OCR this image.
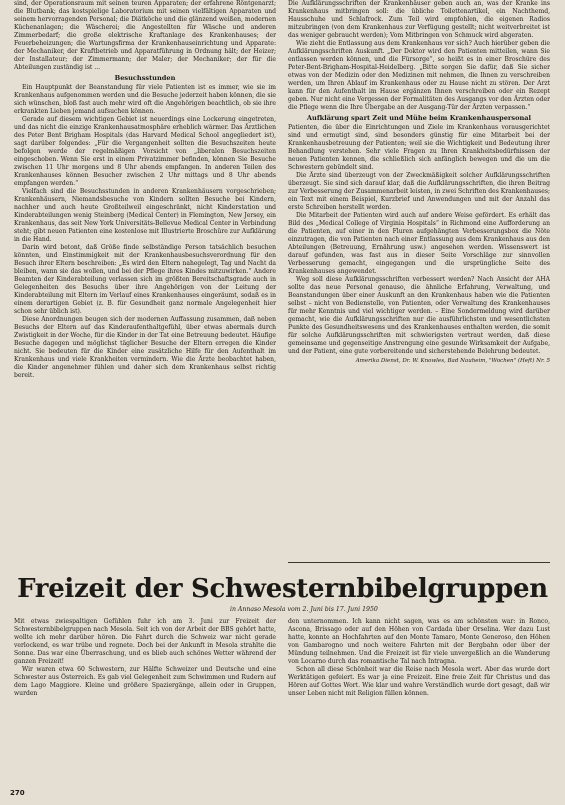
sind, der Operationsraum mit seinen teuren Apparaten; der erfahrene Röntgenarzt; die Blutbank; das kostspielige Laboratorium mit seinen vielfältigen Apparaten und seinem hervorragenden Personal; die Diätköche und die glänzend weißen, modernen Küchenanlagen; die Wäscherei; die Angestellten für Wäsche und anderen Zimmerbedarf; die große elektrische Kraftanlage des Krankenhauses; der Feuerbeheizungen; die Wartungsfirma der Krankenhauseinrichtung und Apparate: der Mechaniker, der Kraftbetrieb und Apparatführung in Ordnung hält; der Heizer; der Installateur; der Zimmermann; der Maler; der Mechaniker; der für die Abteilungen zuständig ist ...

Besuchsstunden

Ein Hauptpunkt der Beanstandung für viele Patienten ist es immer, wie sie im Krankenhaus aufgenommen werden und die Besuche jederzeit haben können, die sie sich wünschen, bloß fast auch mehr wird oft die Angehörigen beachtlich, ob sie ihre erkrankten Lieben jemand aufsuchen können.

Gerade auf diesem wichtigen Gebiet ist neuerdings eine Lockerung eingetreten, und das nicht die einzige Krankenhausatmosphäre erheblich wärmer. Das Ärztlichen des Peter Bent Brigham Hospitals (das Harvard Medical School angegliedert ist), sagt darüber folgendes: „Für die Vergangenheit sollten die Besuchszeiten heute befolgen werde der regelmäßigen Vorsicht von „liberalen Besuchszeiten eingeschoben. Wenn Sie erst in einem Privatzimmer befinden, können Sie Besuche zwischen 11 Uhr morgens und 8 Uhr abends empfangen. In anderen Teilen des Krankenhauses können Besucher zwischen 2 Uhr mittags und 8 Uhr abends empfangen werden.“

Vielfach sind die Besuchsstunden in anderen Krankenhäusern vorgeschrieben; Krankenhäusern, Niemandsbesuche von Kindern sollten Besuche bei Kindern, nachher und auch heute Großteilweil eingeschränkt, nicht Kinderstation und Kinderabteilungen wenig Steinberg (Medical Center) in Flemington, New Jersey, ein Krankenhaus, das seit New York Universitäts-Bellevue Medical Center in Verbindung steht; gibt neuen Patienten eine kostenlose mit Illustrierte Broschüre zur Aufklärung in die Hand.

Darin wird betont, daß Größe finde selbständige Person tatsächlich besuchen könnten, und Einstimmigkeit mit der Krankenhausbesuchsverordnung für den Besuch ihrer Eltern beschreiben: „Es wird den Eltern nahegelegt, Tag und Nacht da bleiben, wann sie das wollen, und bei der Pflege ihres Kindes mitzuwirken.“ Andere Beamten der Kinderabteilung verlassen sich im größten Bereitschaftsgrade auch in Gelegenheiten des Besuchs über ihre Angehörigen von der Leitung der Kinderabteilung mit Eltern im Verlauf eines Krankenhauses eingeräumt, sodaß es in einem derartigen Gebiet (z. B. für Gesundheit ganz normale Angelegenheit hier schon sehr üblich ist).

Diese Anordnungen beugen sich der modernen Auffassung zusammen, daß neben Besuchs der Eltern auf das Kinderaufenthaltgefühl, über etwas abermals durch Zwistigkeit in der Woche, für die Kinder in der Tat eine Betreuung bedeutet. Häufige Besuche dagegen und möglichst täglicher Besuche der Eltern erregen die Kinder nicht. Sie bedeuten für die Kinder eine zusätzliche Hilfe für den Aufenthalt im Krankenhaus und viele Krankheiten vermindern. Wie die Ärzte beobachtet haben, die Kinder angenehmer fühlen und daher sich dem Krankenhaus selbst richtig bereit.

Die Aufklärungsschriften der Krankenhäuser geben auch an, was der Kranke ins Krankenhaus mitbringen soll: die übliche Toilettenartikel, ein Nachthemd, Hausschuhe und Schlafrock. Zum Teil wird empfohlen, die eigenen Radios mitzubringen (von dem Krankenhaus zur Verfügung gestellt; nicht weitverbreitet ist das weniger gebraucht werden); Vom Mitbringen von Schmuck wird abgeraten.

Wie zieht die Entlassung aus dem Krankenhaus vor sich? Auch hierüber geben die Aufklärungsschriften Auskunft. „Der Doktor wird den Patienten mitteilen, wann Sie entlassen werden können, und die Fürsorge“, so heißt es in einer Broschüre des Peter-Bent-Brigham-Hospital-Heidelberg. „Bitte sorgen Sie dafür, daß Sie sicher etwas von der Medizin oder den Medizinen mit nehmen, die Ihnen zu verschreiben werden, um Ihren Ablauf im Krankenhaus oder zu Hause nicht zu stören. Der Arzt kann für den Aufenthalt im Hause ergänzen Ihnen verschreiben oder ein Rezept geben. Nur nicht eine Vergessen der Formalitäten des Ausgangs vor den Ärzten oder die Pflege wenn die Ihre Übergabe an der Ausgang-Tür der Ärzten verpassen.“

Aufklärung spart Zeit und Mühe beim Krankenhauspersonal

Patienten, die über die Einrichtungen und Ziele im Krankenhaus vorausgerichtet sind und ermutigt sind, sind besonders günstig für eine Mitarbeit bei der Krankenhausbetreuung der Patienten; weil sie die Wichtigkeit und Bedeutung ihrer Behandlung verstehen. Sehr viele Fragen zu Ihren Krankheitsbedürfnissen der neuen Patienten kennen, die schließlich sich anfänglich bewegen und die um die Schwestern gebündelt sind.

Die Ärzte sind überzeugt von der Zweckmäßigkeit solcher Aufklärungsschriften überzeugt. Sie sind sich darauf klar, daß die Aufklärungsschriften, die ihren Beitrag zur Verbesserung der Zusammenarbeit leisten, in zwei Schriften des Krankenhauses; ein Text mit einem Beispiel, Kurzbrief und Anwendungen und mit der Anzahl das erste Schreiben herstellt werden.

Die Mitarbeit der Patienten wird auch auf andere Weise gefördert. Es erhält das Bild des „Medical College of Virginia Hospitals“ in Richmond eine Aufforderung an die Patienten, auf einer in den Fluren aufgehängten Verbesserungsbox die Nöte einzutragen, die von Patienten nach einer Entlassung aus dem Krankenhaus aus den Abteilungen (Betreuung, Ernährung usw.) angesehen werden. Wissenswert ist darauf gefunden, was fast aus in dieser Seite Vorschläge zur sinnvollen Verbesserung gemacht, eingegangen und die ursprüngliche Seite des Krankenhauses angewendet.

Weg soll diese Aufklärungsschriften verbessert werden? Nach Ansicht der AHA sollte das neue Personal genauso, die ähnliche Erfahrung, Verwaltung, und Beanstandungen über einer Auskunft an den Krankenhaus haben wie die Patienten selbst – nicht von Bedienstelle, von Patienten, oder Verwaltung des Krankenhauses für mehr Kenntnis und viel wichtiger werden. – Eine Sondermeldung wird darüber gemacht, wie die Aufklärungsschriften nur die ausführlichsten und wesentlichsten Punkte des Gesundheitswesens und des Krankenhauses enthalten werden, die somit für solche Aufklärungsschriften mit schwierigsten vertraut werden, daß diese gemeinsame und gegenseitige Anstrengung eine gesunde Wirksamkeit der Aufgabe, und der Patient, eine gute vorbereitende und sicherstehende Belehrung bedeutet.

Amerika Dienst, Dr. W. Knowles, Bad Nauheim, "Wochen" (Heft) Nr. 5
Freizeit der Schwesternbibelgruppen
in Annaso Mesola vom 2. Juni bis 17. Juni 1950

Mit etwas zwiespaltigen Gefühlen fuhr ich am 3. Juni zur Freizeit der Schwesternbibelgruppen nach Mesola. Seit ich von der Arbeit der BBS gehört hatte, wollte ich mehr darüber hören. Die Fahrt durch die Schweiz war nicht gerade verlockend, es war trübe und regnete. Doch bei der Ankunft in Mesola strahlte die Sonne. Das war eine Überraschung, und es blieb auch schönes Wetter während der ganzen Freizeit!

Wir waren etwa 60 Schwestern, zur Hälfte Schweizer und Deutsche und eine Schwester aus Österreich. Es gab viel Gelegenheit zum Schwimmen und Rudern auf dem Lago Maggiore. Kleine und größere Spaziergänge, allein oder in Gruppen, wurden

den unternommen. Ich kann nicht sagen, was es am schönsten war: in Ronco, Ascona, Brissago oder auf den Höhen von Cardada über Orselina. Wer dazu Lust hatte, konnte an Hochfahrten auf den Monte Tamaro, Monte Generoso, den Höhen von Gambarogno und noch weitere Fahrten mit der Bergbahn oder über der Mündung teilnehmen. Und die Freizeit ist für viele unvergeßlich an die Wanderung von Locarno durch das romantische Tal nach Intragna.

Schon all diese Schönheit war die Reise nach Mesola wert. Aber das wurde dort Werktätigen gefeiert. Es war ja eine Freizeit. Eine freie Zeit für Christus und das Hören auf Gottes Wort. Wie klar und wahre Verständlich wurde dort gesagt, daß wir unser Leben nicht mit Religion füllen können.

270
